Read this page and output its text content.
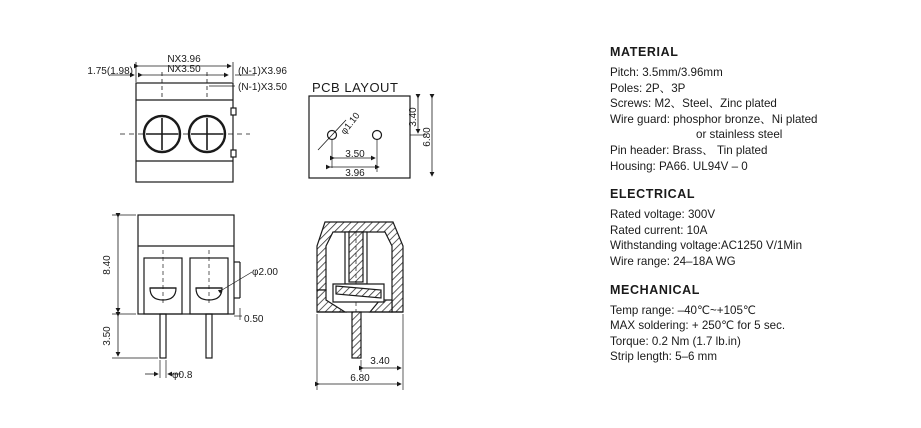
NX3.96
NX3.50
1.75(1.98)	(N-1)X3.96
(N-1)X3.50 PCB LAYOUT
φ1.10
3.50
3.96
3.40
6.80
8.40
3.50
φ2.00
0.50
φ0.8
3.40
6.80
MATERIAL
Pitch: 3.5mm/3.96mm
Poles: 2P、3P
Screws: M2、Steel、Zinc plated
Wire guard: phosphor bronze、Ni plated
or stainless steel
Pin header: Brass、 Tin plated
Housing: PA66. UL94V – 0
ELECTRICAL
Rated voltage: 300V
Rated current: 10A
Withstanding voltage:AC1250 V/1Min
Wire range: 24–18A WG
MECHANICAL
Temp range: –40℃~+105℃
MAX soldering: + 250℃ for 5 sec.
Torque: 0.2 Nm (1.7 lb.in)
Strip length: 5–6 mm
